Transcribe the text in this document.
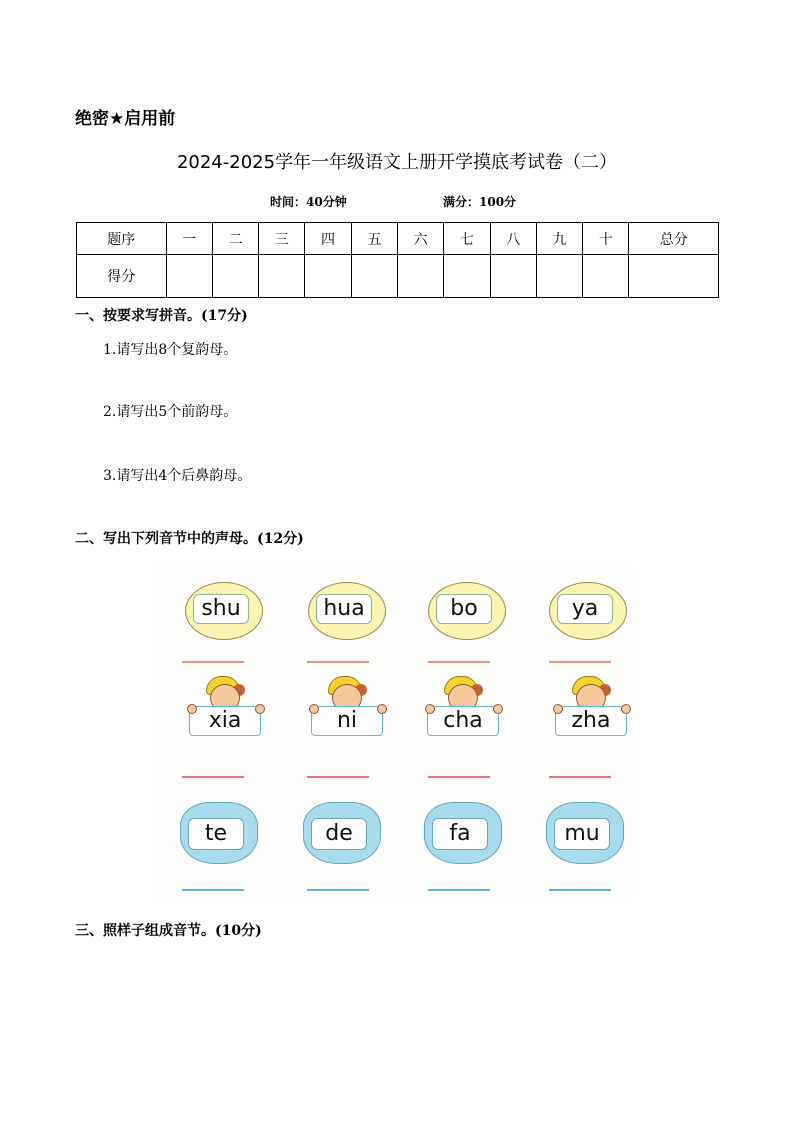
绝密★启用前
2024-2025学年一年级语文上册开学摸底考试卷（二）
时间：40分钟	满分：100分
题序	一	二	三	四	五	六	七	八	九	十	总分
得分											
一、按要求写拼音。(17分)
1.请写出8个复韵母。
2.请写出5个前韵母。
3.请写出4个后鼻韵母。
二、写出下列音节中的声母。(12分)
shu	hua	bo	ya
xia	ni	cha	zha
te	de	fa	mu
三、照样子组成音节。(10分)
